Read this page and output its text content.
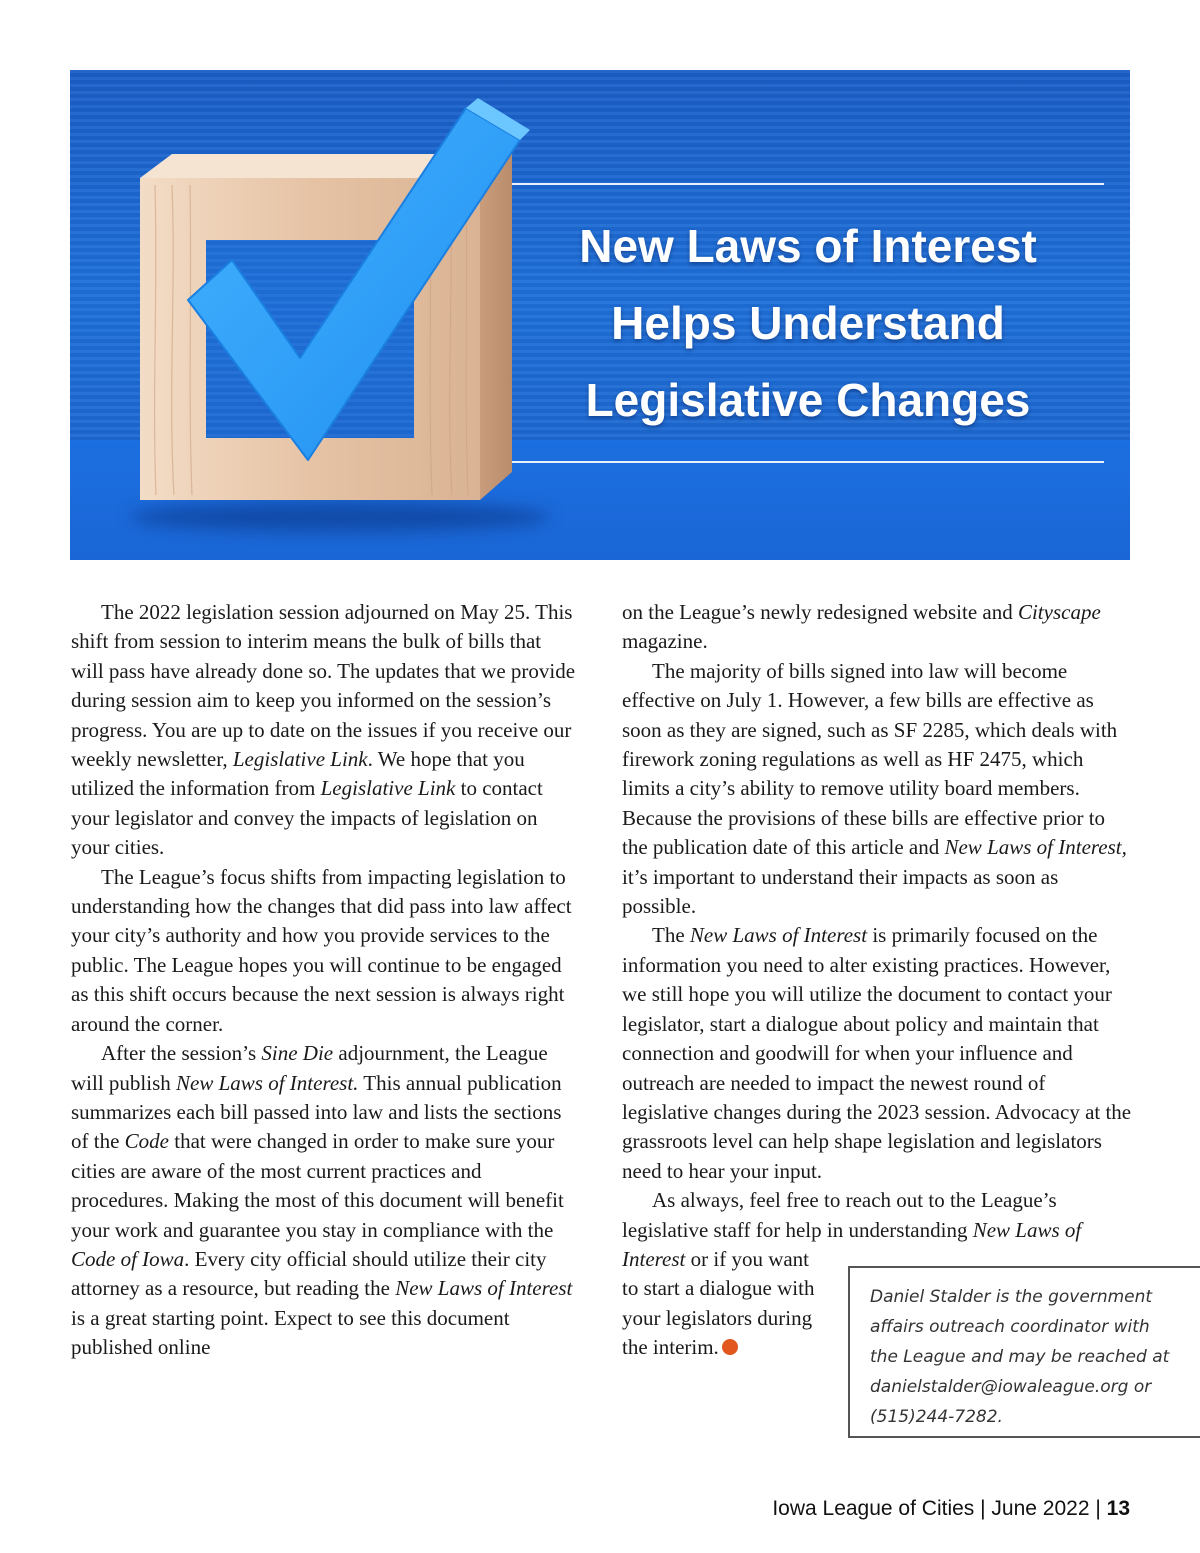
New Laws of Interest
Helps Understand
Legislative Changes

The 2022 legislation session adjourned on May 25. This shift from session to interim means the bulk of bills that will pass have already done so. The updates that we provide during session aim to keep you informed on the session’s progress. You are up to date on the issues if you receive our weekly newsletter, Legislative Link. We hope that you utilized the information from Legislative Link to contact your legislator and convey the impacts of legislation on your cities.

The League’s focus shifts from impacting legislation to understanding how the changes that did pass into law affect your city’s authority and how you provide services to the public. The League hopes you will continue to be engaged as this shift occurs because the next session is always right around the corner.

After the session’s Sine Die adjournment, the League will publish New Laws of Interest. This annual publication summarizes each bill passed into law and lists the sections of the Code that were changed in order to make sure your cities are aware of the most current practices and procedures. Making the most of this document will benefit your work and guarantee you stay in compliance with the Code of Iowa. Every city official should utilize their city attorney as a resource, but reading the New Laws of Interest is a great starting point. Expect to see this document published online

on the League’s newly redesigned website and Cityscape magazine.

The majority of bills signed into law will become effective on July 1. However, a few bills are effective as soon as they are signed, such as SF 2285, which deals with firework zoning regulations as well as HF 2475, which limits a city’s ability to remove utility board members. Because the provisions of these bills are effective prior to the publication date of this article and New Laws of Interest, it’s important to understand their impacts as soon as possible.

The New Laws of Interest is primarily focused on the information you need to alter existing practices. However, we still hope you will utilize the document to contact your legislator, start a dialogue about policy and maintain that connection and goodwill for when your influence and outreach are needed to impact the newest round of legislative changes during the 2023 session. Advocacy at the grassroots level can help shape legislation and legislators need to hear your input.

As always, feel free to reach out to the League’s
legislative staff for help in understanding New Laws of
Interest or if you want
to start a dialogue with
your legislators during
the interim.

Daniel Stalder is the government
affairs outreach coordinator with
the League and may be reached at
danielstalder@iowaleague.org or
(515)244-7282.
Iowa League of Cities | June 2022 | 13
